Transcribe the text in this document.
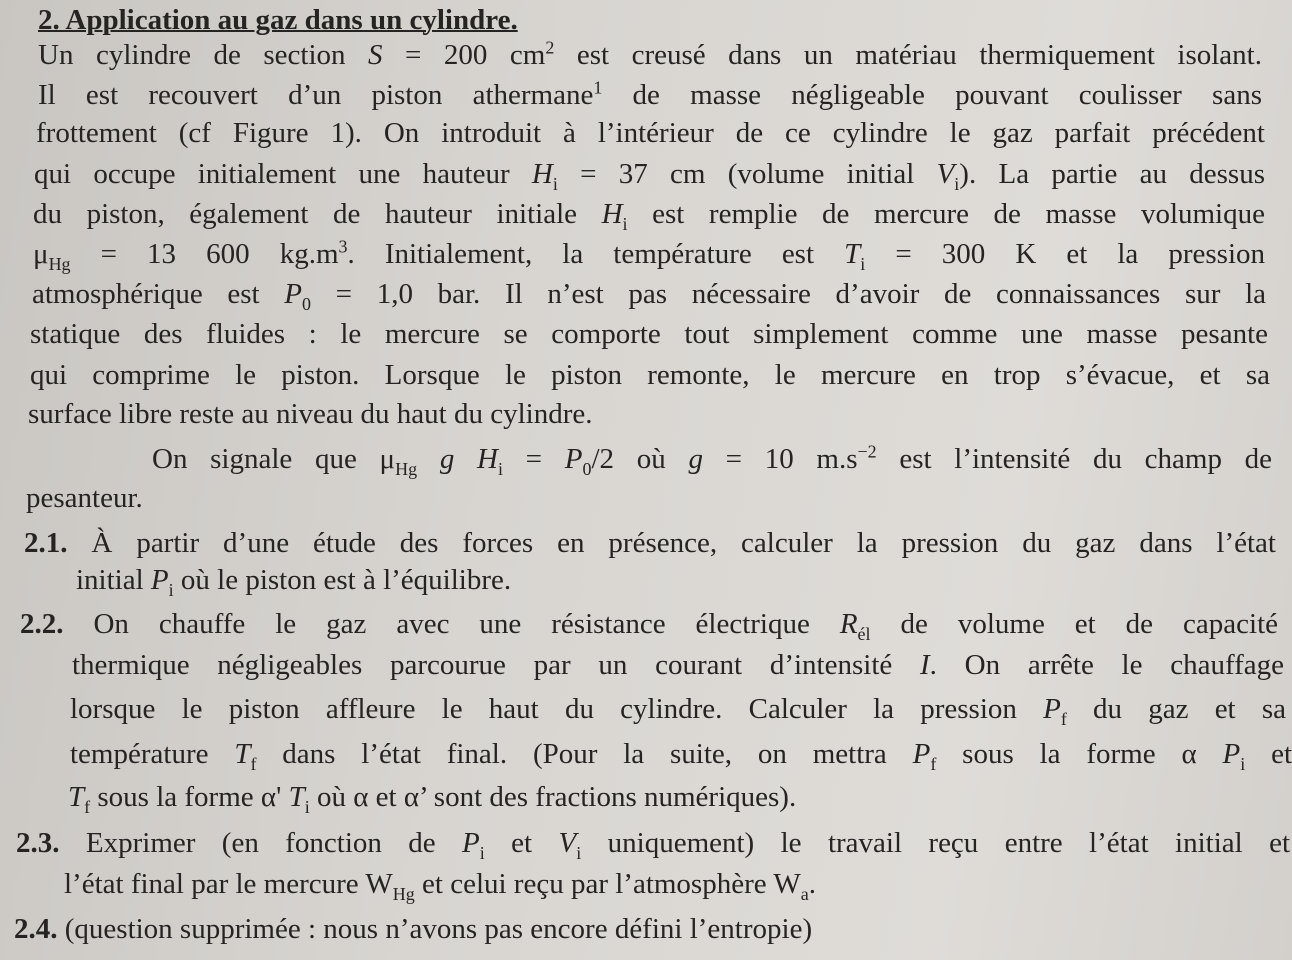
2. Application au gaz dans un cylindre.
Un cylindre de section S = 200 $cm^2$ est creusé dans un matériau thermiquement isolant.
Il est recouvert d’un piston athermane$^1$ de masse négligeable pouvant coulisser sans
frottement (cf Figure 1). On introduit à l’intérieur de ce cylindre le gaz parfait précédent
qui occupe initialement une hauteur $H_i = 37$ cm (volume initial $V_i$). La partie au dessus
du piston, également de hauteur initiale $H_i$ est remplie de mercure de masse volumique
$\mu_{Hg} = 13$ 600 $kg.m^3$. Initialement, la température est $T_i = 300$ K et la pression
atmosphérique est $P_0 = 1,0$ bar. Il n’est pas nécessaire d’avoir de connaissances sur la
statique des fluides : le mercure se comporte tout simplement comme une masse pesante
qui comprime le piston. Lorsque le piston remonte, le mercure en trop s’évacue, et sa
surface libre reste au niveau du haut du cylindre.
On signale que $\mu_{Hg}$ g $H_i = P_0/2$ où g = 10 $m.s^{-2}$ est l’intensité du champ de
pesanteur.
2.1. À partir d’une étude des forces en présence, calculer la pression du gaz dans l’état
initial $P_i$ où le piston est à l’équilibre.
2.2. On chauffe le gaz avec une résistance électrique $R_{él}$ de volume et de capacité
thermique négligeables parcourue par un courant d’intensité I. On arrête le chauffage
lorsque le piston affleure le haut du cylindre. Calculer la pression $P_f$ du gaz et sa
température $T_f$ dans l’état final. (Pour la suite, on mettra $P_f$ sous la forme α $P_i$ et
$T_f$ sous la forme α' $T_i$ où α et α’ sont des fractions numériques).
2.3. Exprimer (en fonction de $P_i$ et $V_i$ uniquement) le travail reçu entre l’état initial et
l’état final par le mercure $W_{Hg}$ et celui reçu par l’atmosphère $W_a$.
2.4. (question supprimée : nous n’avons pas encore défini l’entropie)
